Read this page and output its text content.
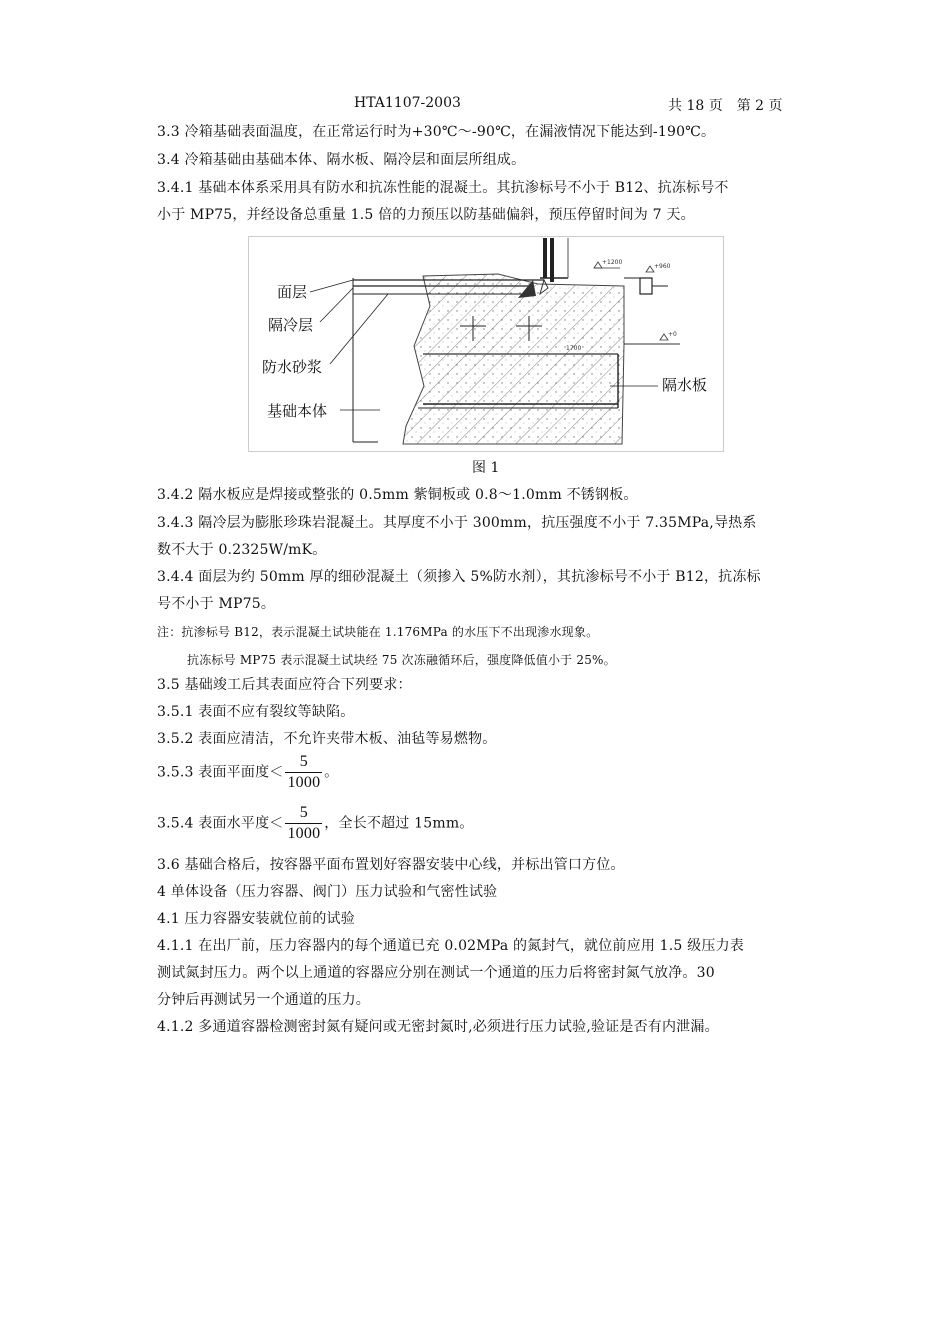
HTA1107-2003	共 18 页　第 2 页
3.3 冷箱基础表面温度，在正常运行时为+30℃～-90℃，在漏液情况下能达到-190℃。
3.4 冷箱基础由基础本体、隔水板、隔冷层和面层所组成。
3.4.1 基础本体系采用具有防水和抗冻性能的混凝土。其抗渗标号不小于 B12、抗冻标号不
小于 MP75，并经设备总重量 1.5 倍的力预压以防基础偏斜，预压停留时间为 7 天。
+1200
+960
+0
1700
面层
隔冷层
防水砂浆
基础本体
隔水板
图 1
3.4.2 隔水板应是焊接或整张的 0.5mm 紫铜板或 0.8～1.0mm 不锈钢板。
3.4.3 隔冷层为膨胀珍珠岩混凝土。其厚度不小于 300mm，抗压强度不小于 7.35MPa,导热系
数不大于 0.2325W/mK。
3.4.4 面层为约 50mm 厚的细砂混凝土（须掺入 5%防水剂），其抗渗标号不小于 B12，抗冻标
号不小于 MP75。
注：抗渗标号 B12，表示混凝土试块能在 1.176MPa 的水压下不出现渗水现象。
抗冻标号 MP75 表示混凝土试块经 75 次冻融循环后，强度降低值小于 25%。
3.5 基础竣工后其表面应符合下列要求：
3.5.1 表面不应有裂纹等缺陷。
3.5.2 表面应清洁，不允许夹带木板、油毡等易燃物。
3.5.3 表面平面度＜ $\frac{5}{1000}$ 。
3.5.4 表面水平度＜ $\frac{5}{1000}$ ，全长不超过 15mm。
3.6 基础合格后，按容器平面布置划好容器安装中心线，并标出管口方位。
4 单体设备（压力容器、阀门）压力试验和气密性试验
4.1 压力容器安装就位前的试验
4.1.1 在出厂前，压力容器内的每个通道已充 0.02MPa 的氮封气，就位前应用 1.5 级压力表
测试氮封压力。两个以上通道的容器应分别在测试一个通道的压力后将密封氮气放净。30
分钟后再测试另一个通道的压力。
4.1.2 多通道容器检测密封氮有疑问或无密封氮时,必须进行压力试验,验证是否有内泄漏。
